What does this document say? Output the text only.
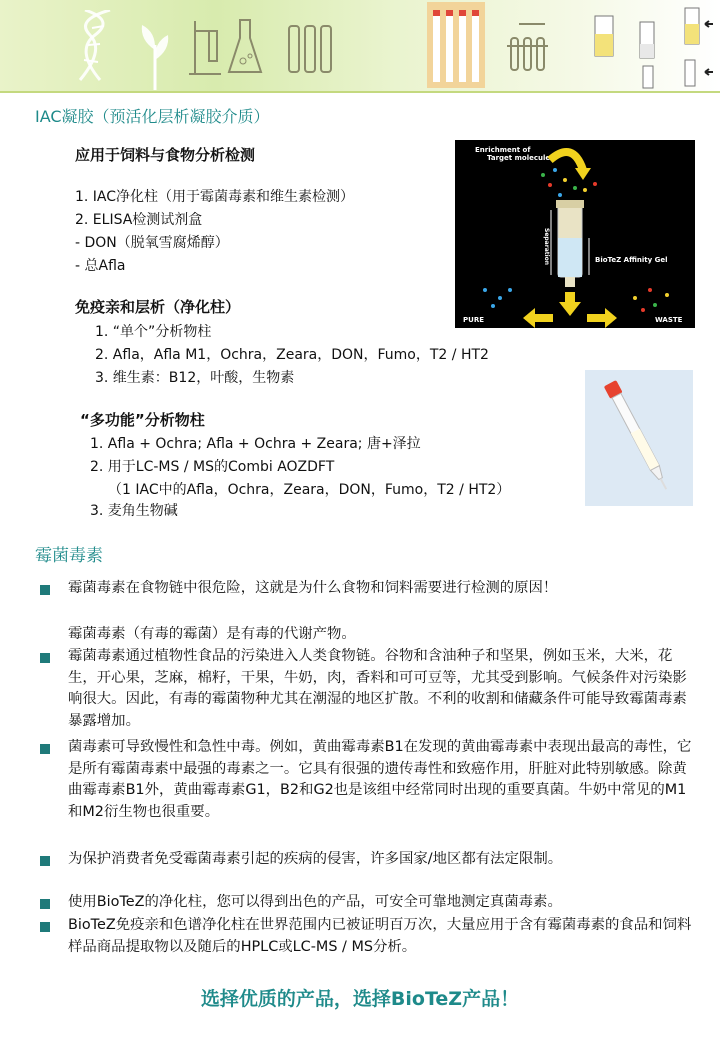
IAC凝胶（预活化层析凝胶介质）
应用于饲料与食物分析检测
1. IAC净化柱（用于霉菌毒素和维生素检测）
2. ELISA检测试剂盒
- DON（脱氧雪腐烯醇）
- 总Afla
免疫亲和层析（净化柱）
1. “单个”分析物柱
2. Afla，Afla M1，Ochra，Zeara，DON，Fumo，T2 / HT2
3. 维生素：B12，叶酸，生物素
“多功能”分析物柱
1. Afla + Ochra; Afla + Ochra + Zeara; 唐+泽拉
2. 用于LC-MS / MS的Combi AOZDFT
（1 IAC中的Afla，Ochra，Zeara，DON，Fumo，T2 / HT2）
3. 麦角生物碱
Enrichment of Target molecules
Separation	BioTeZ Affinity Gel
PURE	WASTE
霉菌毒素
霉菌毒素在食物链中很危险，这就是为什么食物和饲料需要进行检测的原因！
霉菌毒素（有毒的霉菌）是有毒的代谢产物。
霉菌毒素通过植物性食品的污染进入人类食物链。谷物和含油种子和坚果，例如玉米，大米，花生，开心果，芝麻，棉籽，干果，牛奶，肉，香料和可可豆等，尤其受到影响。气候条件对污染影响很大。因此，有毒的霉菌物种尤其在潮湿的地区扩散。不利的收割和储藏条件可能导致霉菌毒素暴露增加。
菌毒素可导致慢性和急性中毒。例如，黄曲霉毒素B1在发现的黄曲霉毒素中表现出最高的毒性，它是所有霉菌毒素中最强的毒素之一。它具有很强的遗传毒性和致癌作用，肝脏对此特别敏感。除黄曲霉毒素B1外，黄曲霉毒素G1，B2和G2也是该组中经常同时出现的重要真菌。牛奶中常见的M1和M2衍生物也很重要。
为保护消费者免受霉菌毒素引起的疾病的侵害，许多国家/地区都有法定限制。
使用BioTeZ的净化柱，您可以得到出色的产品，可安全可靠地测定真菌毒素。
BioTeZ免疫亲和色谱净化柱在世界范围内已被证明百万次，大量应用于含有霉菌毒素的食品和饲料样品商品提取物以及随后的HPLC或LC-MS / MS分析。
选择优质的产品，选择BioTeZ产品！
